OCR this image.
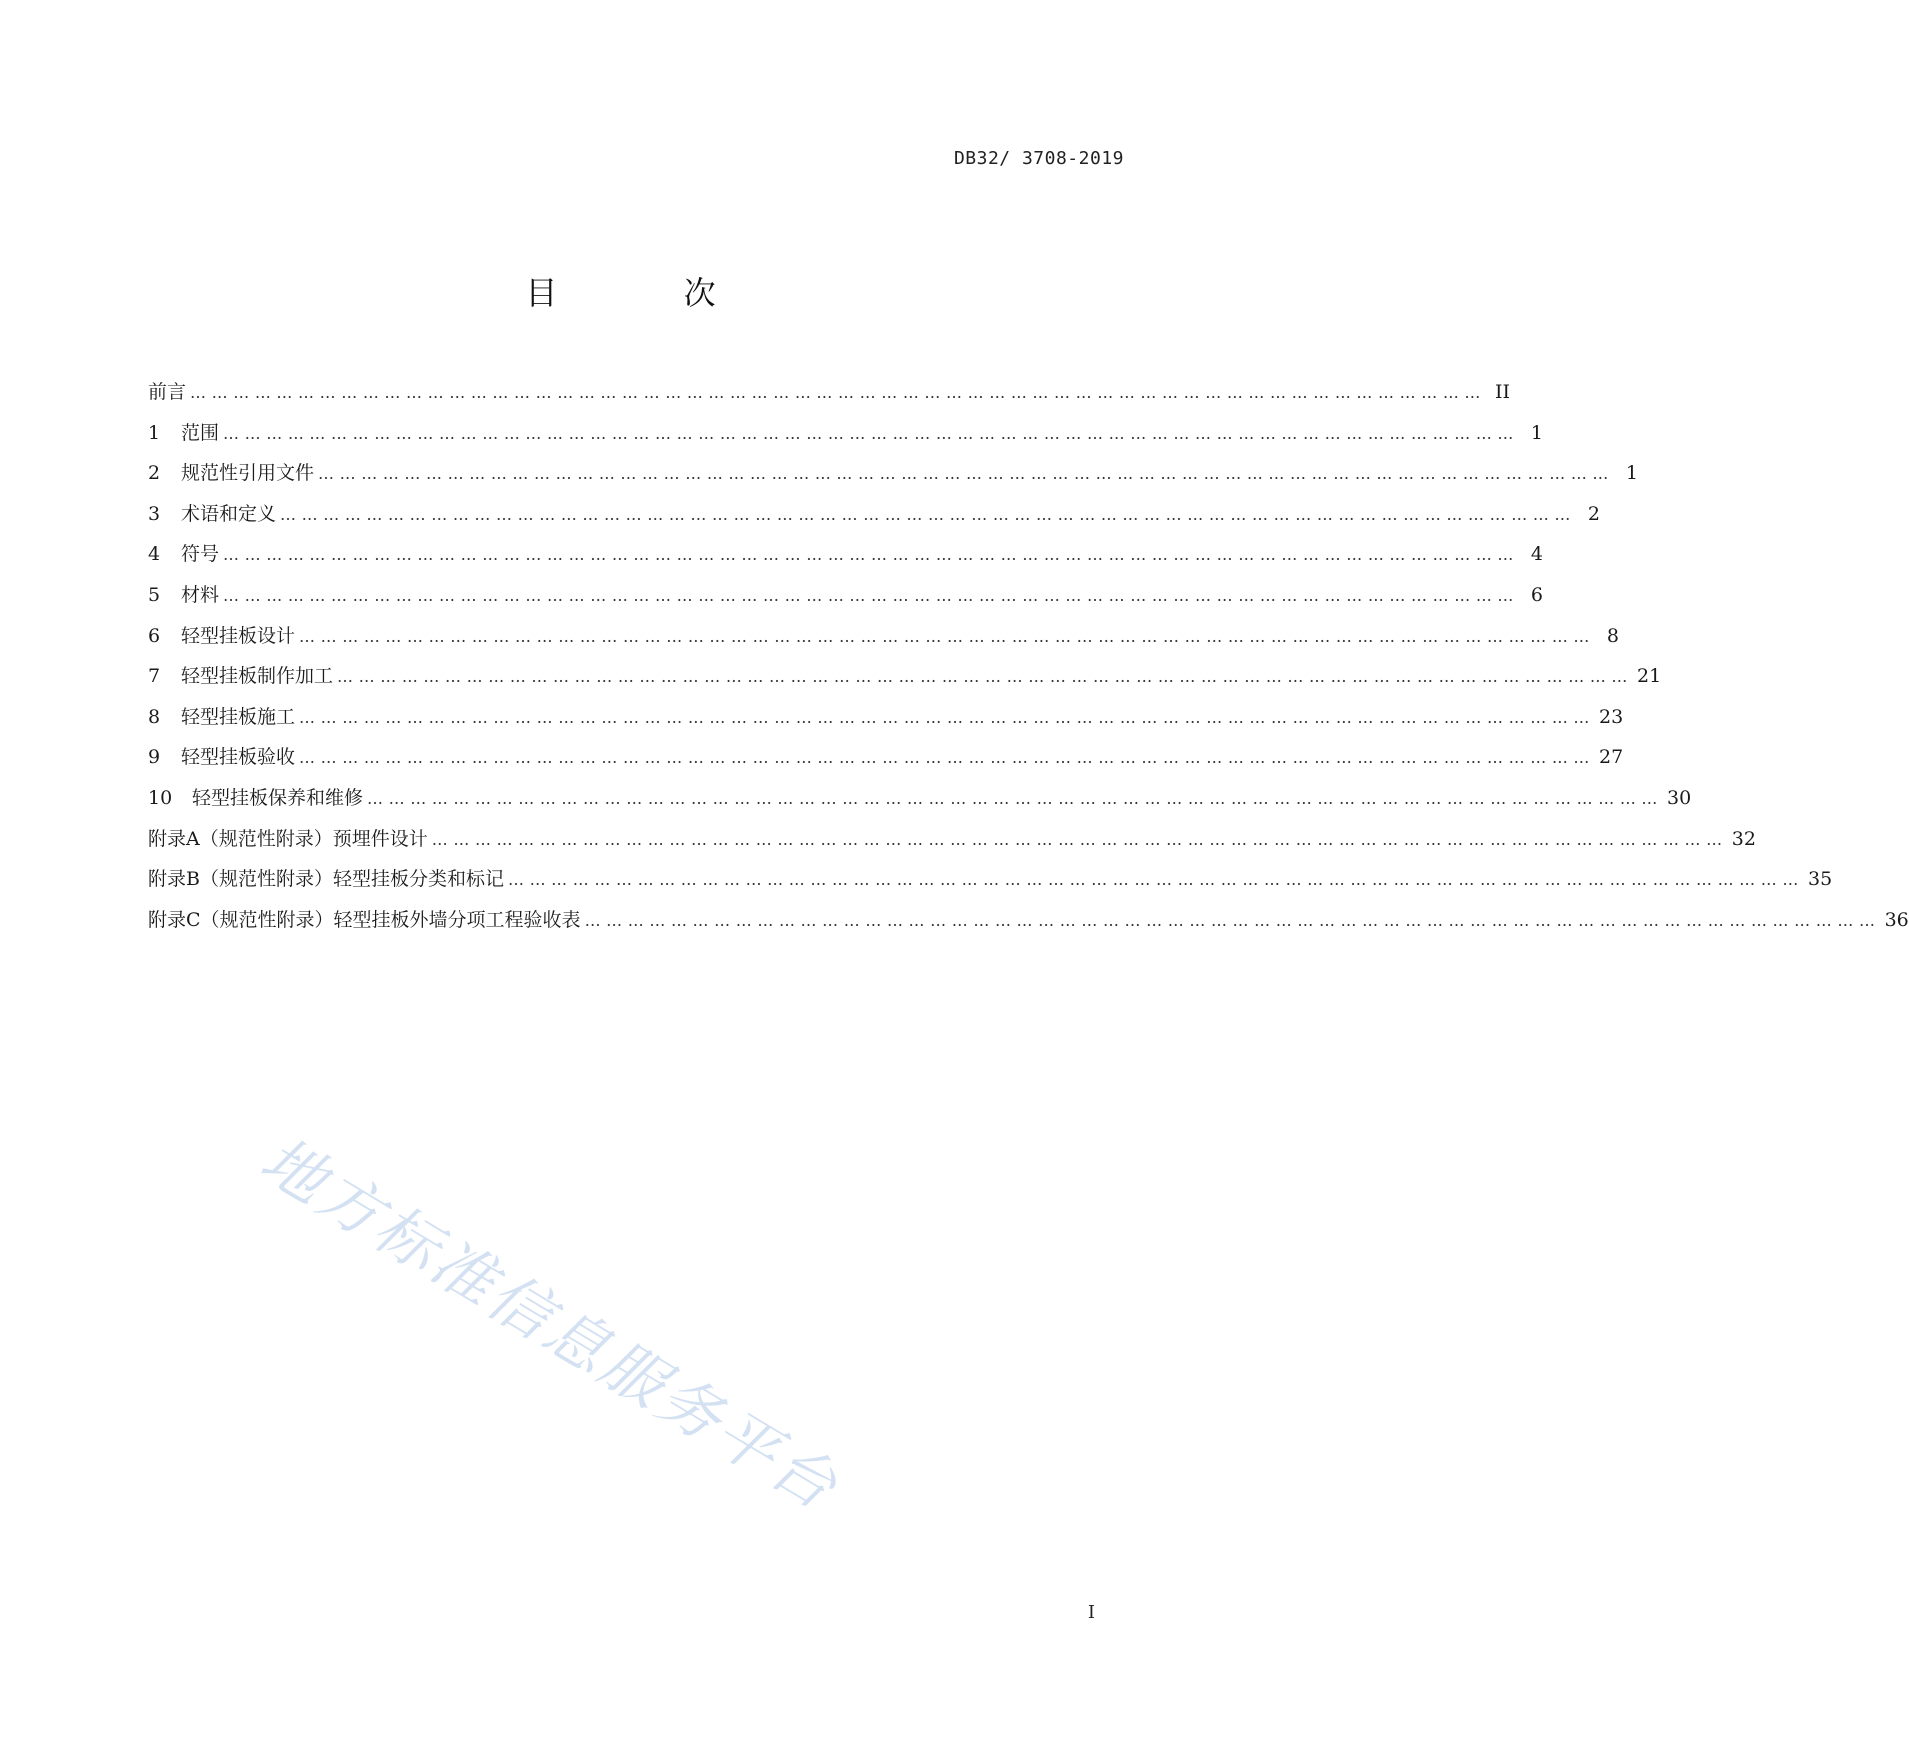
DB32/ 3708-2019
目 次
前言 ……………………………………………………………………………………………………………………………………………………………… II
1	范围 ……………………………………………………………………………………………………………………………………………………………… 1
2	规范性引用文件 ……………………………………………………………………………………………………………………………………………………………… 1
3	术语和定义 ……………………………………………………………………………………………………………………………………………………………… 2
4	符号 ……………………………………………………………………………………………………………………………………………………………… 4
5	材料 ……………………………………………………………………………………………………………………………………………………………… 6
6	轻型挂板设计 ……………………………………………………………………………………………………………………………………………………………… 8
7	轻型挂板制作加工 ……………………………………………………………………………………………………………………………………………………………… 21
8	轻型挂板施工 ……………………………………………………………………………………………………………………………………………………………… 23
9	轻型挂板验收 ……………………………………………………………………………………………………………………………………………………………… 27
10	轻型挂板保养和维修 ……………………………………………………………………………………………………………………………………………………………… 30
附录A（规范性附录） 预埋件设计 ……………………………………………………………………………………………………………………………………………………………… 32
附录B（规范性附录） 轻型挂板分类和标记 ……………………………………………………………………………………………………………………………………………………………… 35
附录C（规范性附录） 轻型挂板外墙分项工程验收表 ……………………………………………………………………………………………………………………………………………………………… 36
地方标准信息服务平台
I
